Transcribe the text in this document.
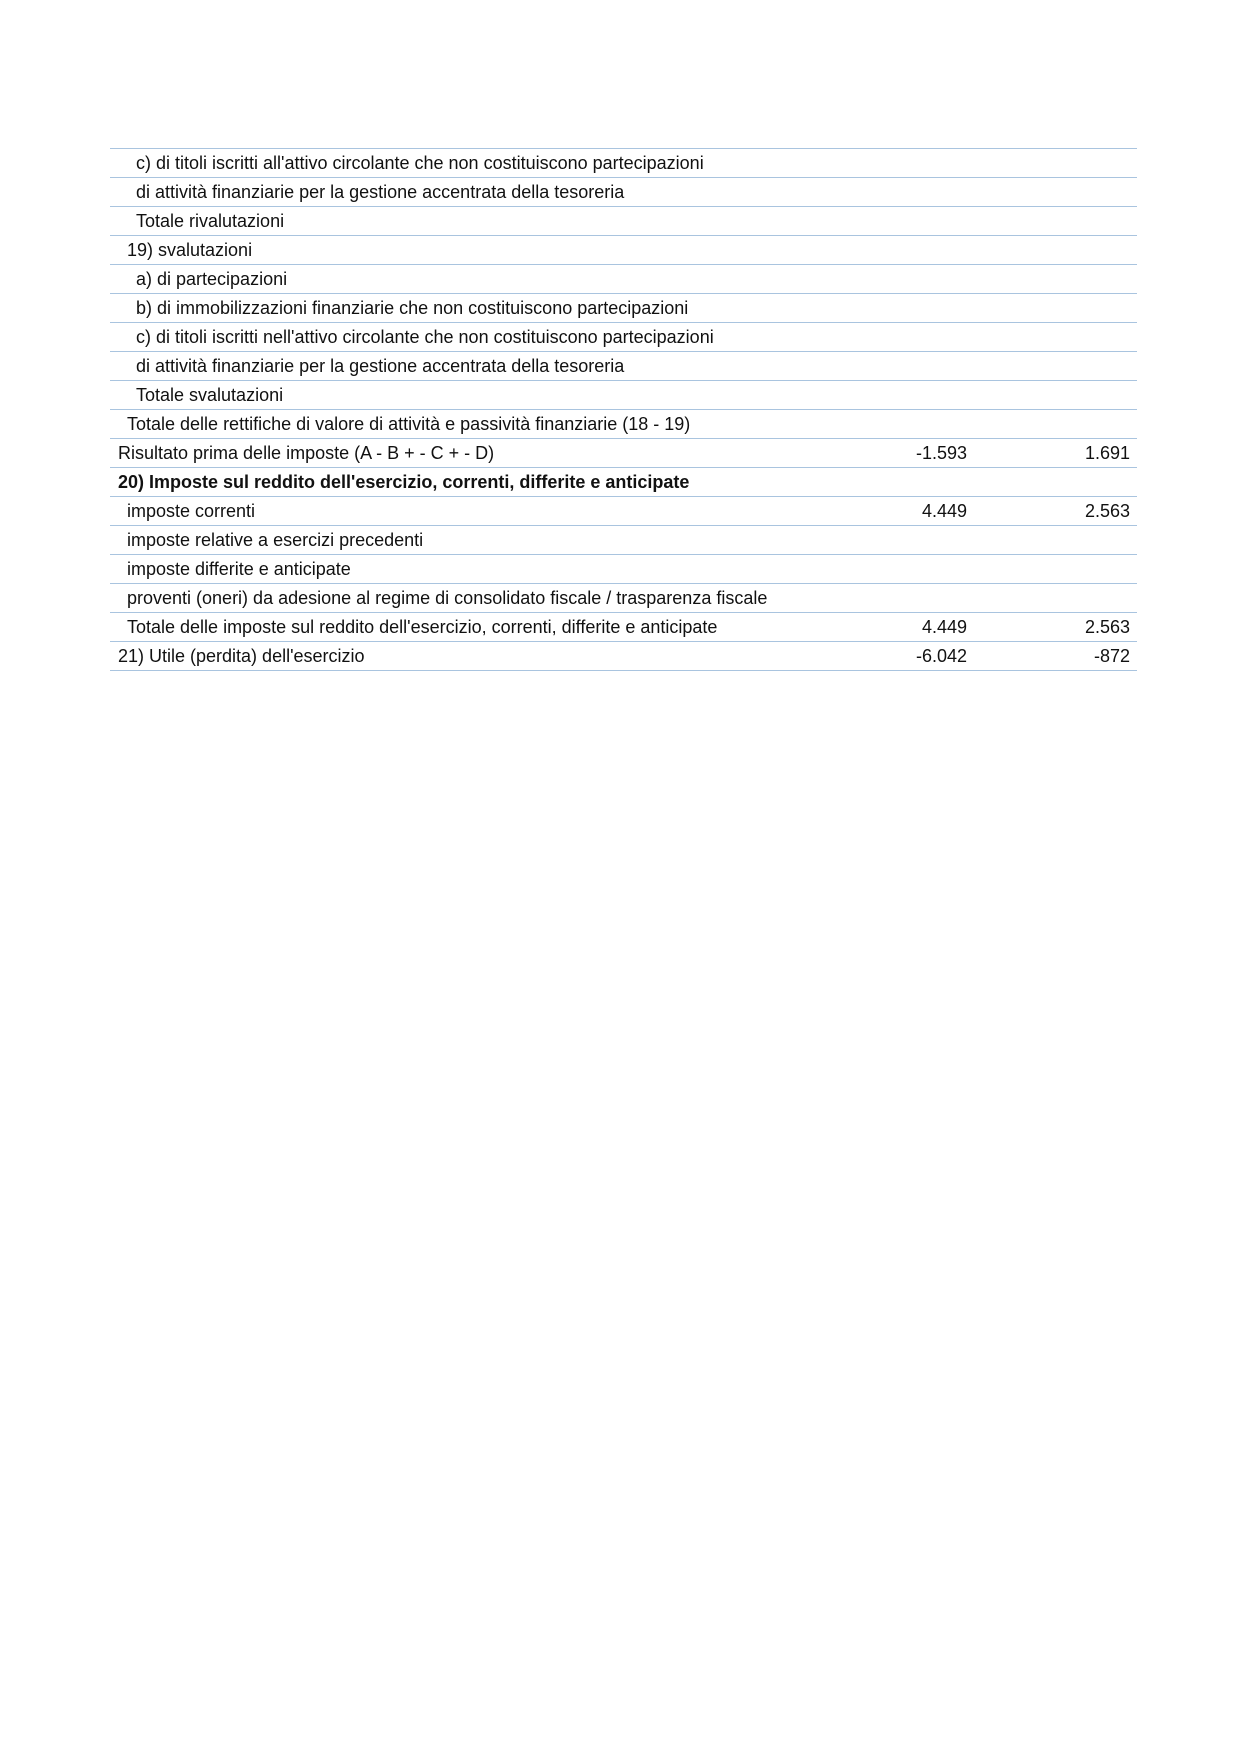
c) di titoli iscritti all'attivo circolante che non costituiscono partecipazioni		
di attività finanziarie per la gestione accentrata della tesoreria		
Totale rivalutazioni		
19) svalutazioni		
a) di partecipazioni		
b) di immobilizzazioni finanziarie che non costituiscono partecipazioni		
c) di titoli iscritti nell'attivo circolante che non costituiscono partecipazioni		
di attività finanziarie per la gestione accentrata della tesoreria		
Totale svalutazioni		
Totale delle rettifiche di valore di attività e passività finanziarie (18 - 19)		
Risultato prima delle imposte (A - B + - C + - D)	-1.593	1.691
20) Imposte sul reddito dell'esercizio, correnti, differite e anticipate		
imposte correnti	4.449	2.563
imposte relative a esercizi precedenti		
imposte differite e anticipate		
proventi (oneri) da adesione al regime di consolidato fiscale / trasparenza fiscale		
Totale delle imposte sul reddito dell'esercizio, correnti, differite e anticipate	4.449	2.563
21) Utile (perdita) dell'esercizio	-6.042	-872
